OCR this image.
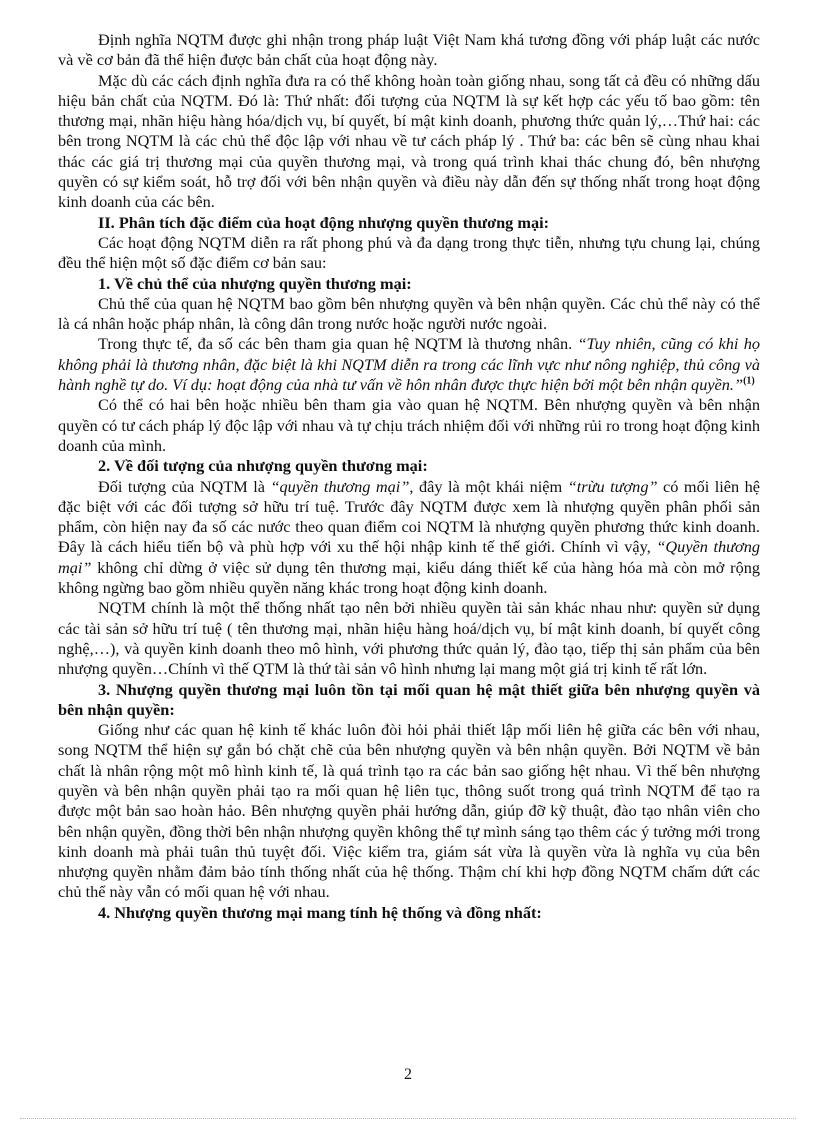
Định nghĩa NQTM được ghi nhận trong pháp luật Việt Nam khá tương đồng với pháp luật các nước và về cơ bản đã thể hiện được bản chất của hoạt động này.

Mặc dù các cách định nghĩa đưa ra có thể không hoàn toàn giống nhau, song tất cả đều có những dấu hiệu bản chất của NQTM. Đó là: Thứ nhất: đối tượng của NQTM là sự kết hợp các yếu tố bao gồm: tên thương mại, nhãn hiệu hàng hóa/dịch vụ, bí quyết, bí mật kinh doanh, phương thức quản lý,…Thứ hai: các bên trong NQTM là các chủ thể độc lập với nhau về tư cách pháp lý . Thứ ba: các bên sẽ cùng nhau khai thác các giá trị thương mại của quyền thương mại, và trong quá trình khai thác chung đó, bên nhượng quyền có sự kiểm soát, hỗ trợ đối với bên nhận quyền và điều này dẫn đến sự thống nhất trong hoạt động kinh doanh của các bên.

II. Phân tích đặc điểm của hoạt động nhượng quyền thương mại:

Các hoạt động NQTM diễn ra rất phong phú và đa dạng trong thực tiễn, nhưng tựu chung lại, chúng đều thể hiện một số đặc điểm cơ bản sau:

1. Về chủ thể của nhượng quyền thương mại:

Chủ thể của quan hệ NQTM bao gồm bên nhượng quyền và bên nhận quyền. Các chủ thể này có thể là cá nhân hoặc pháp nhân, là công dân trong nước hoặc người nước ngoài.

Trong thực tế, đa số các bên tham gia quan hệ NQTM là thương nhân. “Tuy nhiên, cũng có khi họ không phải là thương nhân, đặc biệt là khi NQTM diễn ra trong các lĩnh vực như nông nghiệp, thủ công và hành nghề tự do. Ví dụ: hoạt động của nhà tư vấn về hôn nhân được thực hiện bởi một bên nhận quyền.”$^{(1)}$

Có thể có hai bên hoặc nhiều bên tham gia vào quan hệ NQTM. Bên nhượng quyền và bên nhận quyền có tư cách pháp lý độc lập với nhau và tự chịu trách nhiệm đối với những rủi ro trong hoạt động kinh doanh của mình.

2. Về đối tượng của nhượng quyền thương mại:

Đối tượng của NQTM là “quyền thương mại”, đây là một khái niệm “trừu tượng” có mối liên hệ đặc biệt với các đối tượng sở hữu trí tuệ. Trước đây NQTM được xem là nhượng quyền phân phối sản phẩm, còn hiện nay đa số các nước theo quan điểm coi NQTM là nhượng quyền phương thức kinh doanh. Đây là cách hiểu tiến bộ và phù hợp với xu thế hội nhập kinh tế thế giới. Chính vì vậy, “Quyền thương mại” không chỉ dừng ở việc sử dụng tên thương mại, kiểu dáng thiết kế của hàng hóa mà còn mở rộng không ngừng bao gồm nhiều quyền năng khác trong hoạt động kinh doanh.

NQTM chính là một thể thống nhất tạo nên bởi nhiều quyền tài sản khác nhau như: quyền sử dụng các tài sản sở hữu trí tuệ ( tên thương mại, nhãn hiệu hàng hoá/dịch vụ, bí mật kinh doanh, bí quyết công nghệ,…), và quyền kinh doanh theo mô hình, với phương thức quản lý, đào tạo, tiếp thị sản phẩm của bên nhượng quyền…Chính vì thế QTM là thứ tài sản vô hình nhưng lại mang một giá trị kinh tế rất lớn.

3. Nhượng quyền thương mại luôn tồn tại mối quan hệ mật thiết giữa bên nhượng quyền và bên nhận quyền:

Giống như các quan hệ kinh tế khác luôn đòi hỏi phải thiết lập mối liên hệ giữa các bên với nhau, song NQTM thể hiện sự gắn bó chặt chẽ của bên nhượng quyền và bên nhận quyền. Bởi NQTM về bản chất là nhân rộng một mô hình kinh tế, là quá trình tạo ra các bản sao giống hệt nhau. Vì thế bên nhượng quyền và bên nhận quyền phải tạo ra mối quan hệ liên tục, thông suốt trong quá trình NQTM để tạo ra được một bản sao hoàn hảo. Bên nhượng quyền phải hướng dẫn, giúp đỡ kỹ thuật, đào tạo nhân viên cho bên nhận quyền, đồng thời bên nhận nhượng quyền không thể tự mình sáng tạo thêm các ý tưởng mới trong kinh doanh mà phải tuân thủ tuyệt đối. Việc kiểm tra, giám sát vừa là quyền vừa là nghĩa vụ của bên nhượng quyền nhằm đảm bảo tính thống nhất của hệ thống. Thậm chí khi hợp đồng NQTM chấm dứt các chủ thể này vẫn có mối quan hệ với nhau.

4. Nhượng quyền thương mại mang tính hệ thống và đồng nhất:

2
